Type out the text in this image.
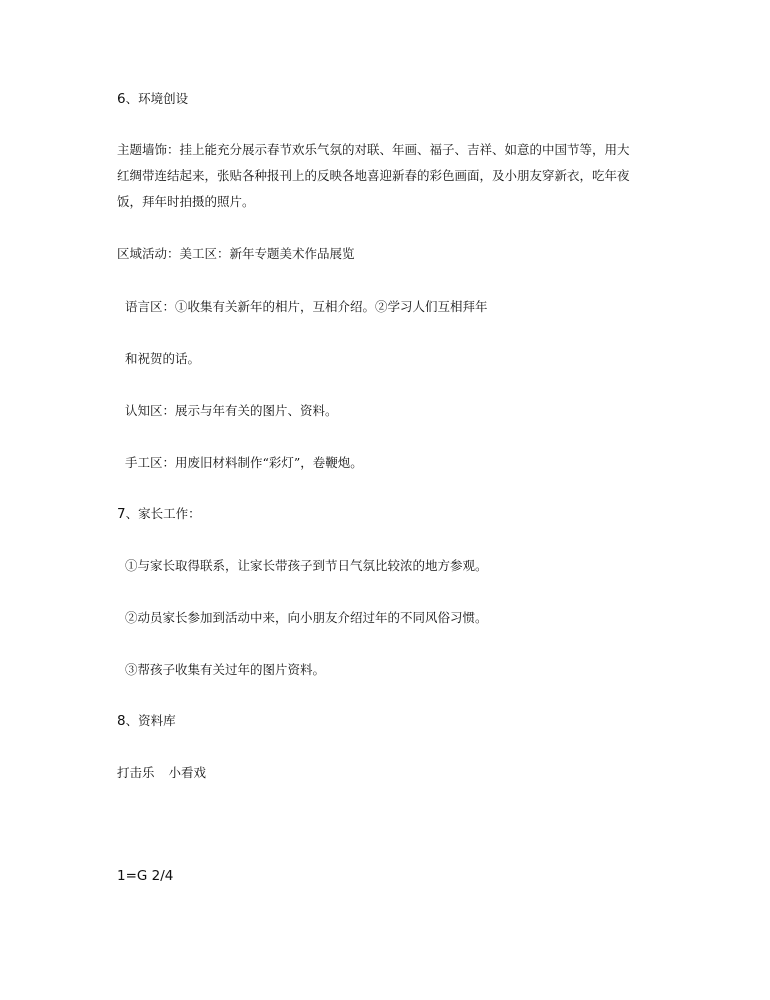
6、环境创设
主题墙饰：挂上能充分展示春节欢乐气氛的对联、年画、福子、吉祥、如意的中国节等，用大
红绸带连结起来，张贴各种报刊上的反映各地喜迎新春的彩色画面，及小朋友穿新衣，吃年夜
饭，拜年时拍摄的照片。
区域活动：美工区：新年专题美术作品展览
语言区：①收集有关新年的相片，互相介绍。②学习人们互相拜年
和祝贺的话。
认知区：展示与年有关的图片、资料。
手工区：用废旧材料制作“彩灯”，卷鞭炮。
7、家长工作：
①与家长取得联系，让家长带孩子到节日气氛比较浓的地方参观。
②动员家长参加到活动中来，向小朋友介绍过年的不同风俗习惯。
③帮孩子收集有关过年的图片资料。
8、资料库
打击乐 小看戏
1=G 2/4
